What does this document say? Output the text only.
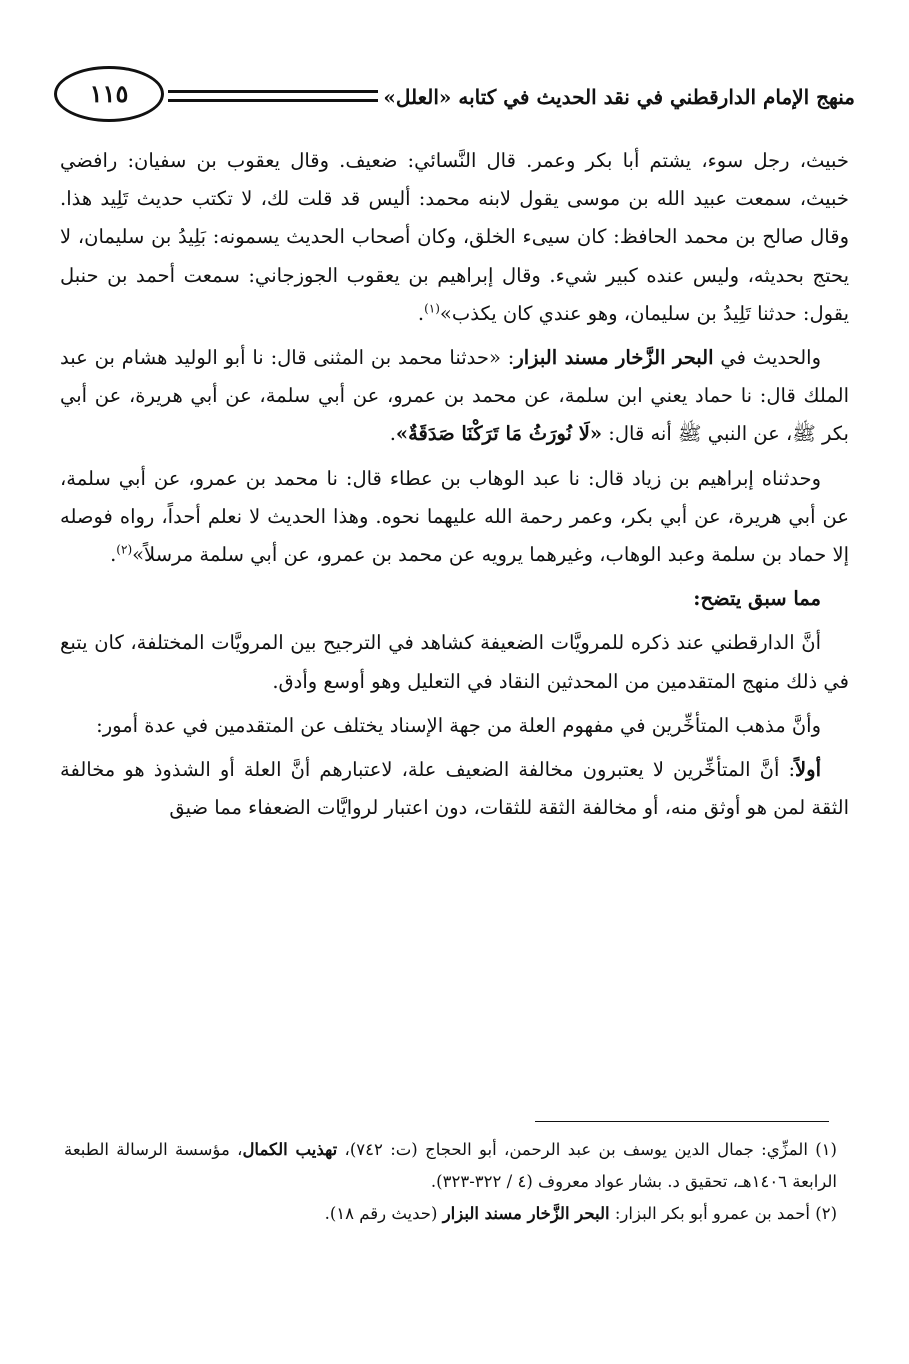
١١٥	منهج الإمام الدارقطني في نقد الحديث في كتابه «العلل»

خبيث، رجل سوء، يشتم أبا بكر وعمر. قال النَّسائي: ضعيف. وقال يعقوب بن سفيان: رافضي خبيث، سمعت عبيد الله بن موسى يقول لابنه محمد: أليس قد قلت لك، لا تكتب حديث تَلِيد هذا. وقال صالح بن محمد الحافظ: كان سيىء الخلق، وكان أصحاب الحديث يسمونه: بَلِيدُ بن سليمان، لا يحتج بحديثه، وليس عنده كبير شيء. وقال إبراهيم بن يعقوب الجوزجاني: سمعت أحمد بن حنبل يقول: حدثنا تَلِيدُ بن سليمان، وهو عندي كان يكذب»$^{(١)}$.

والحديث في البحر الزَّخار مسند البزار: «حدثنا محمد بن المثنى قال: نا أبو الوليد هشام بن عبد الملك قال: نا حماد يعني ابن سلمة، عن محمد بن عمرو، عن أبي سلمة، عن أبي هريرة، عن أبي بكر ﷺ، عن النبي ﷺ أنه قال: «لَا نُورَثُ مَا تَرَكْنَا صَدَقَةٌ».

وحدثناه إبراهيم بن زياد قال: نا عبد الوهاب بن عطاء قال: نا محمد بن عمرو، عن أبي سلمة، عن أبي هريرة، عن أبي بكر، وعمر رحمة الله عليهما نحوه. وهذا الحديث لا نعلم أحداً، رواه فوصله إلا حماد بن سلمة وعبد الوهاب، وغيرهما يرويه عن محمد بن عمرو، عن أبي سلمة مرسلاً»$^{(٢)}$.

مما سبق يتضح:

أنَّ الدارقطني عند ذكره للمرويَّات الضعيفة كشاهد في الترجيح بين المرويَّات المختلفة، كان يتبع في ذلك منهج المتقدمين من المحدثين النقاد في التعليل وهو أوسع وأدق.

وأنَّ مذهب المتأخِّرين في مفهوم العلة من جهة الإسناد يختلف عن المتقدمين في عدة أمور:

أولاً: أنَّ المتأخِّرين لا يعتبرون مخالفة الضعيف علة، لاعتبارهم أنَّ العلة أو الشذوذ هو مخالفة الثقة لمن هو أوثق منه، أو مخالفة الثقة للثقات، دون اعتبار لروايَّات الضعفاء مما ضيق

(١) المزِّي: جمال الدين يوسف بن عبد الرحمن، أبو الحجاج (ت: ٧٤٢)، تهذيب الكمال، مؤسسة الرسالة الطبعة الرابعة ١٤٠٦هـ، تحقيق د. بشار عواد معروف (٤ / ٣٢٢-٣٢٣).

(٢) أحمد بن عمرو أبو بكر البزار: البحر الزَّخار مسند البزار (حديث رقم ١٨).
